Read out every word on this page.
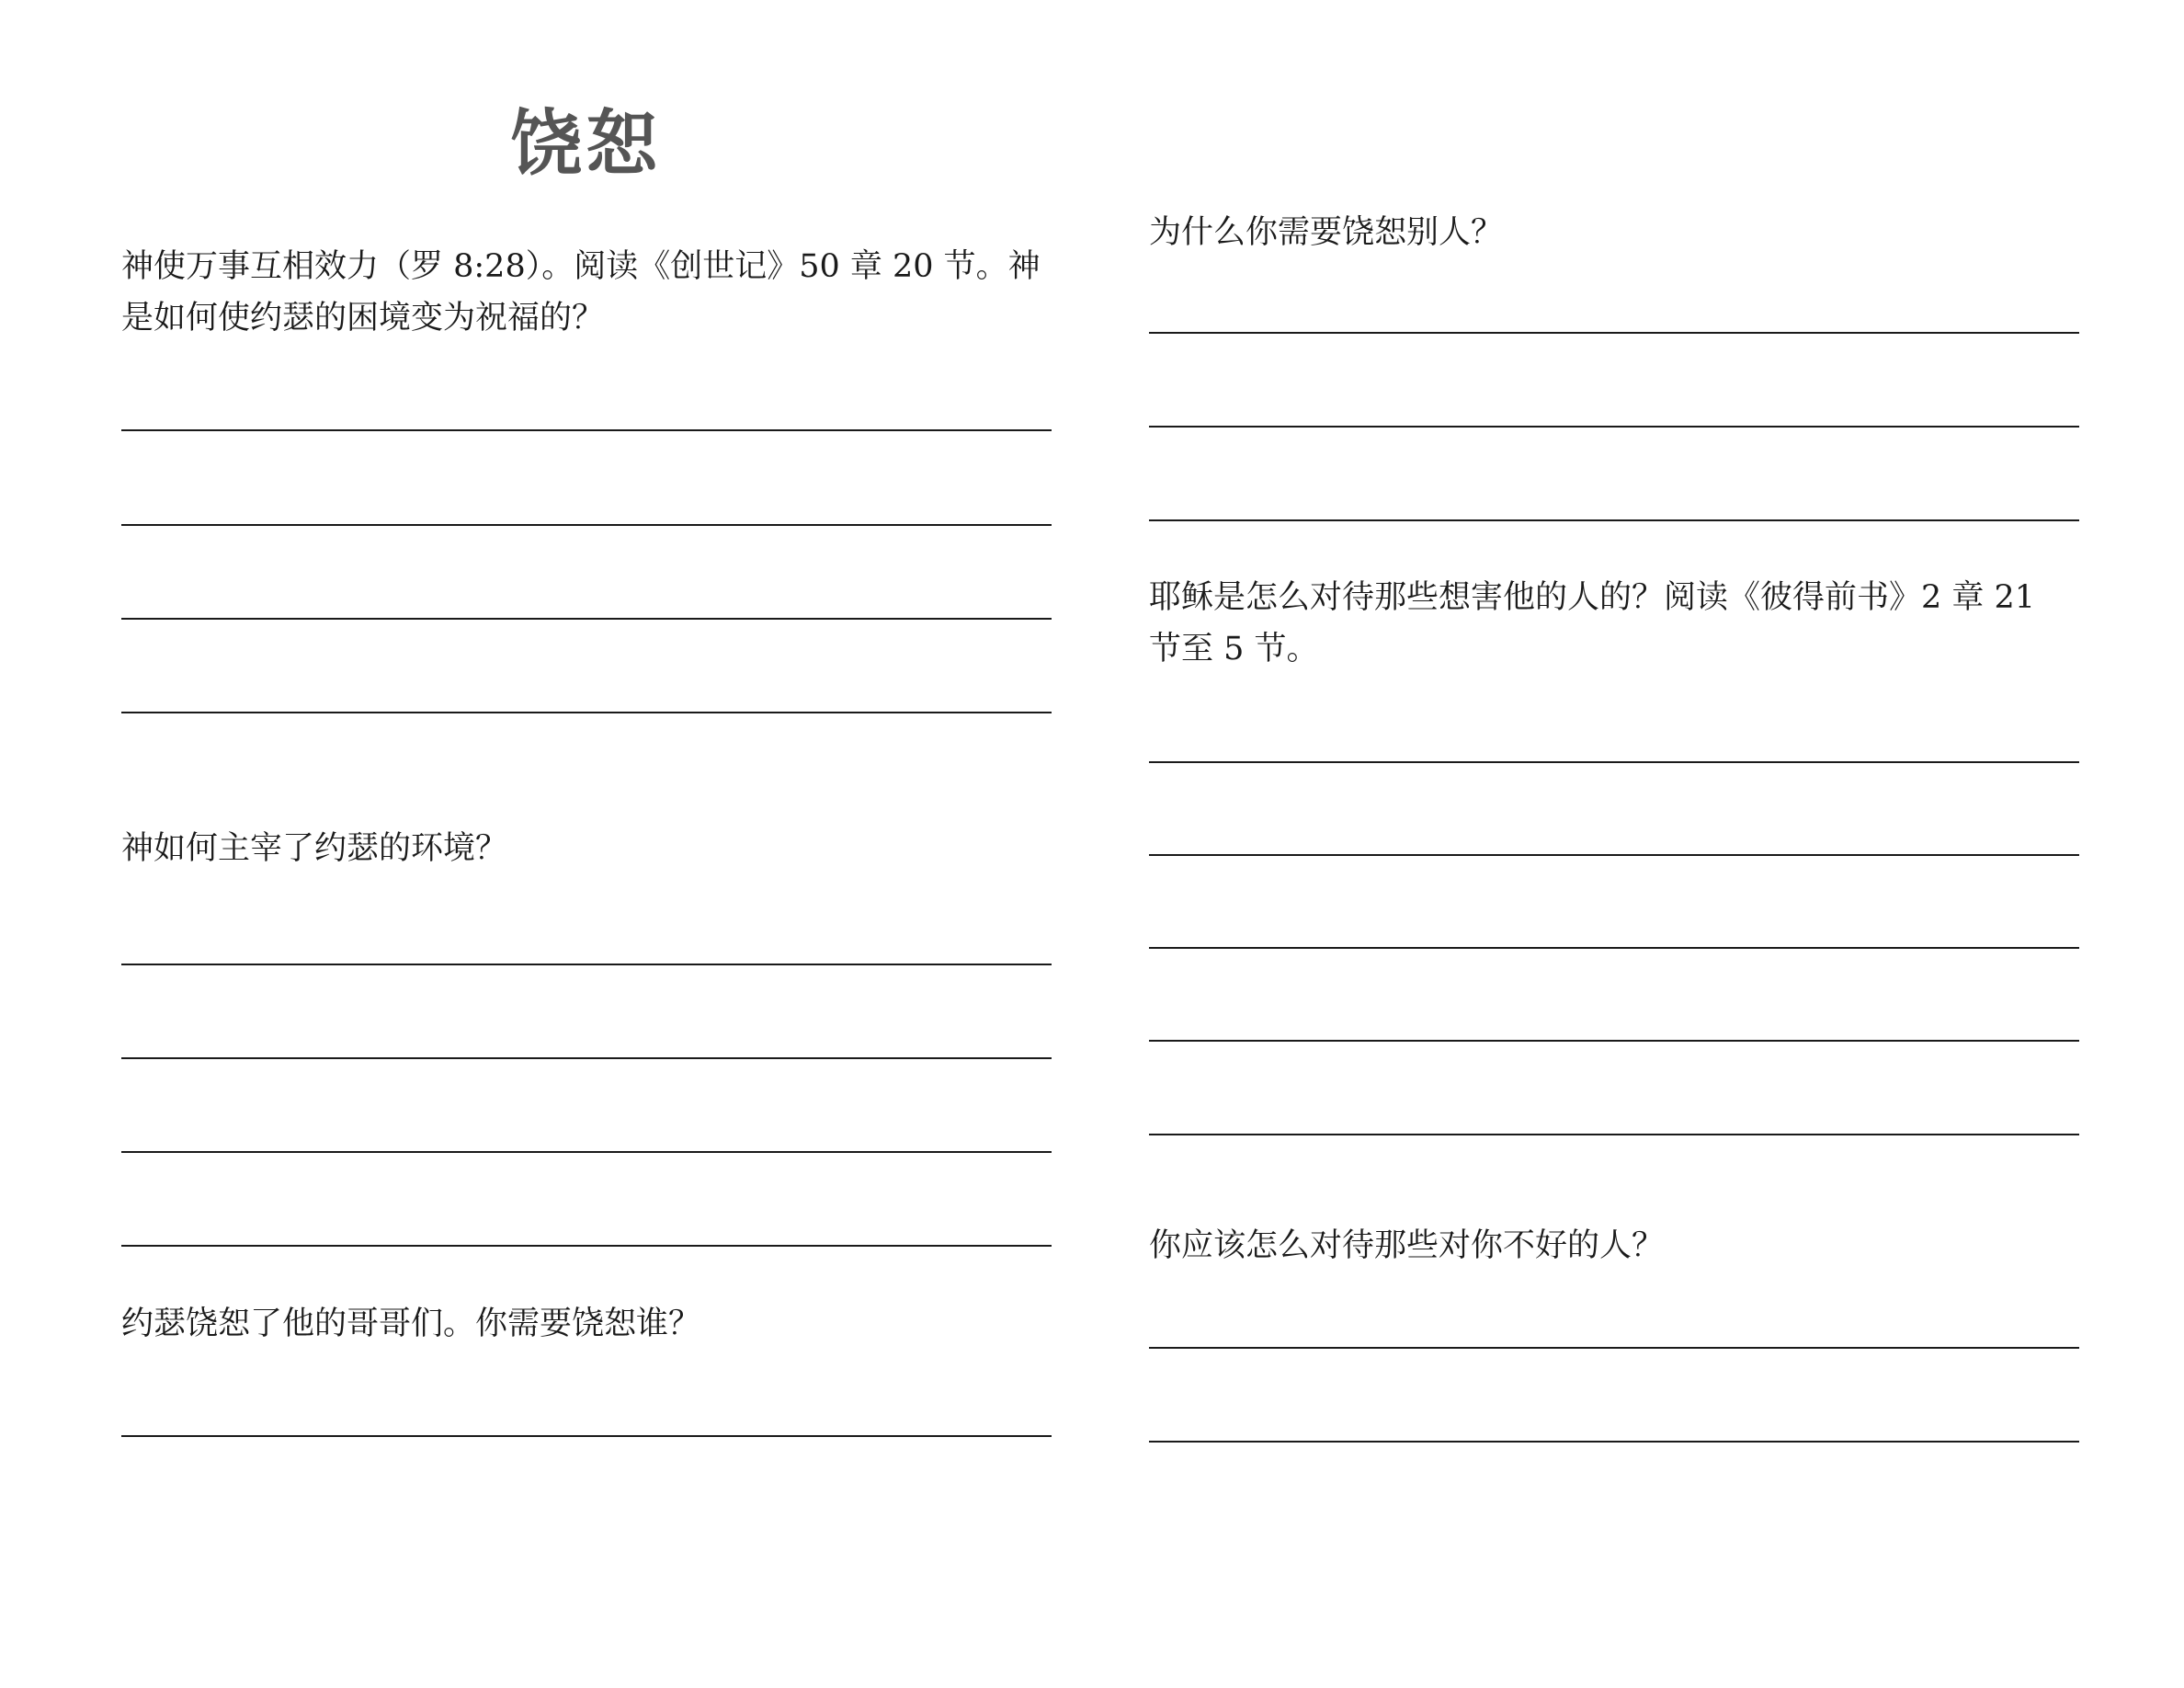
饶恕
神使万事互相效力（罗 8:28）。阅读《创世记》50 章 20 节。神是如何使约瑟的困境变为祝福的？
神如何主宰了约瑟的环境？
约瑟饶恕了他的哥哥们。你需要饶恕谁？
为什么你需要饶恕别人？
耶稣是怎么对待那些想害他的人的？阅读《彼得前书》2 章 21 节至 5 节。
你应该怎么对待那些对你不好的人？
